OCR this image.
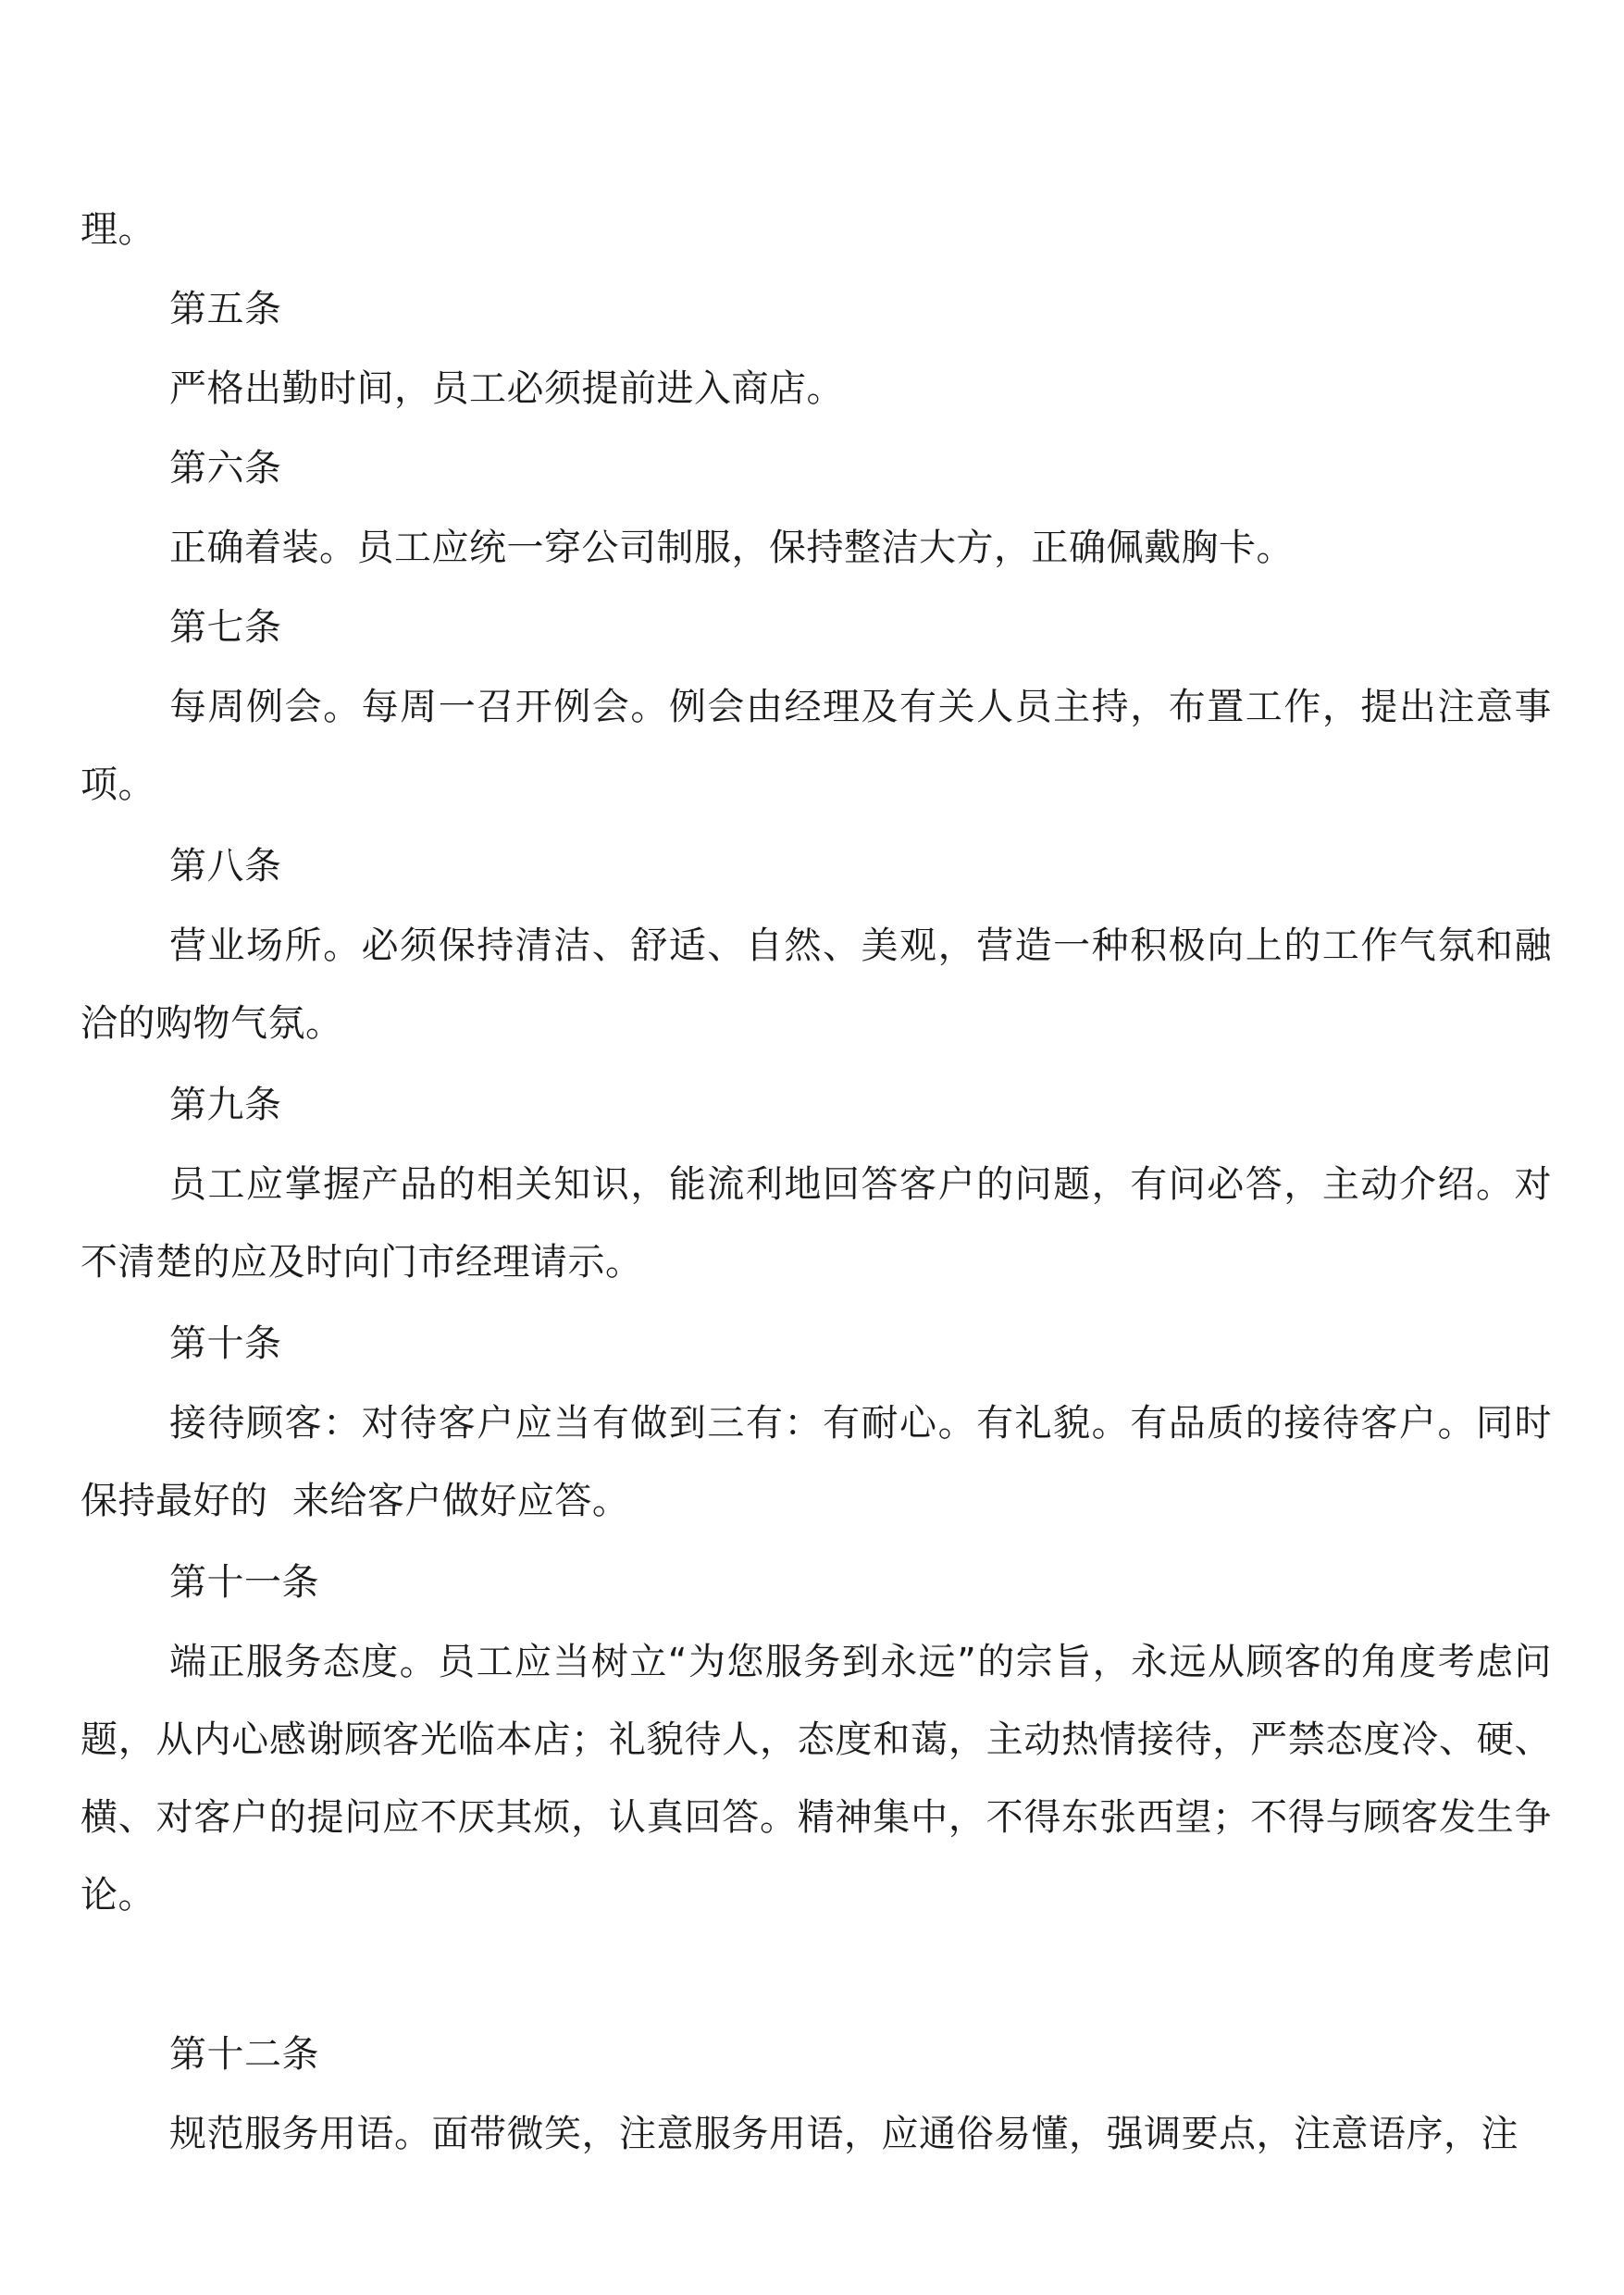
理。

第五条

严格出勤时间，员工必须提前进入商店。

第六条

正确着装。员工应统一穿公司制服，保持整洁大方，正确佩戴胸卡。

第七条

每周例会。每周一召开例会。例会由经理及有关人员主持，布置工作，提出注意事项。

第八条

营业场所。必须保持清洁、舒适、自然、美观，营造一种积极向上的工作气氛和融洽的购物气氛。

第九条

员工应掌握产品的相关知识，能流利地回答客户的问题，有问必答，主动介绍。对不清楚的应及时向门市经理请示。

第十条

接待顾客：对待客户应当有做到三有：有耐心。有礼貌。有品质的接待客户。同时保持最好的  来给客户做好应答。

第十一条

端正服务态度。员工应当树立“为您服务到永远”的宗旨，永远从顾客的角度考虑问题，从内心感谢顾客光临本店；礼貌待人，态度和蔼，主动热情接待，严禁态度冷、硬、横、对客户的提问应不厌其烦，认真回答。精神集中，不得东张西望；不得与顾客发生争论。

第十二条

规范服务用语。面带微笑，注意服务用语，应通俗易懂，强调要点，注意语序，注
